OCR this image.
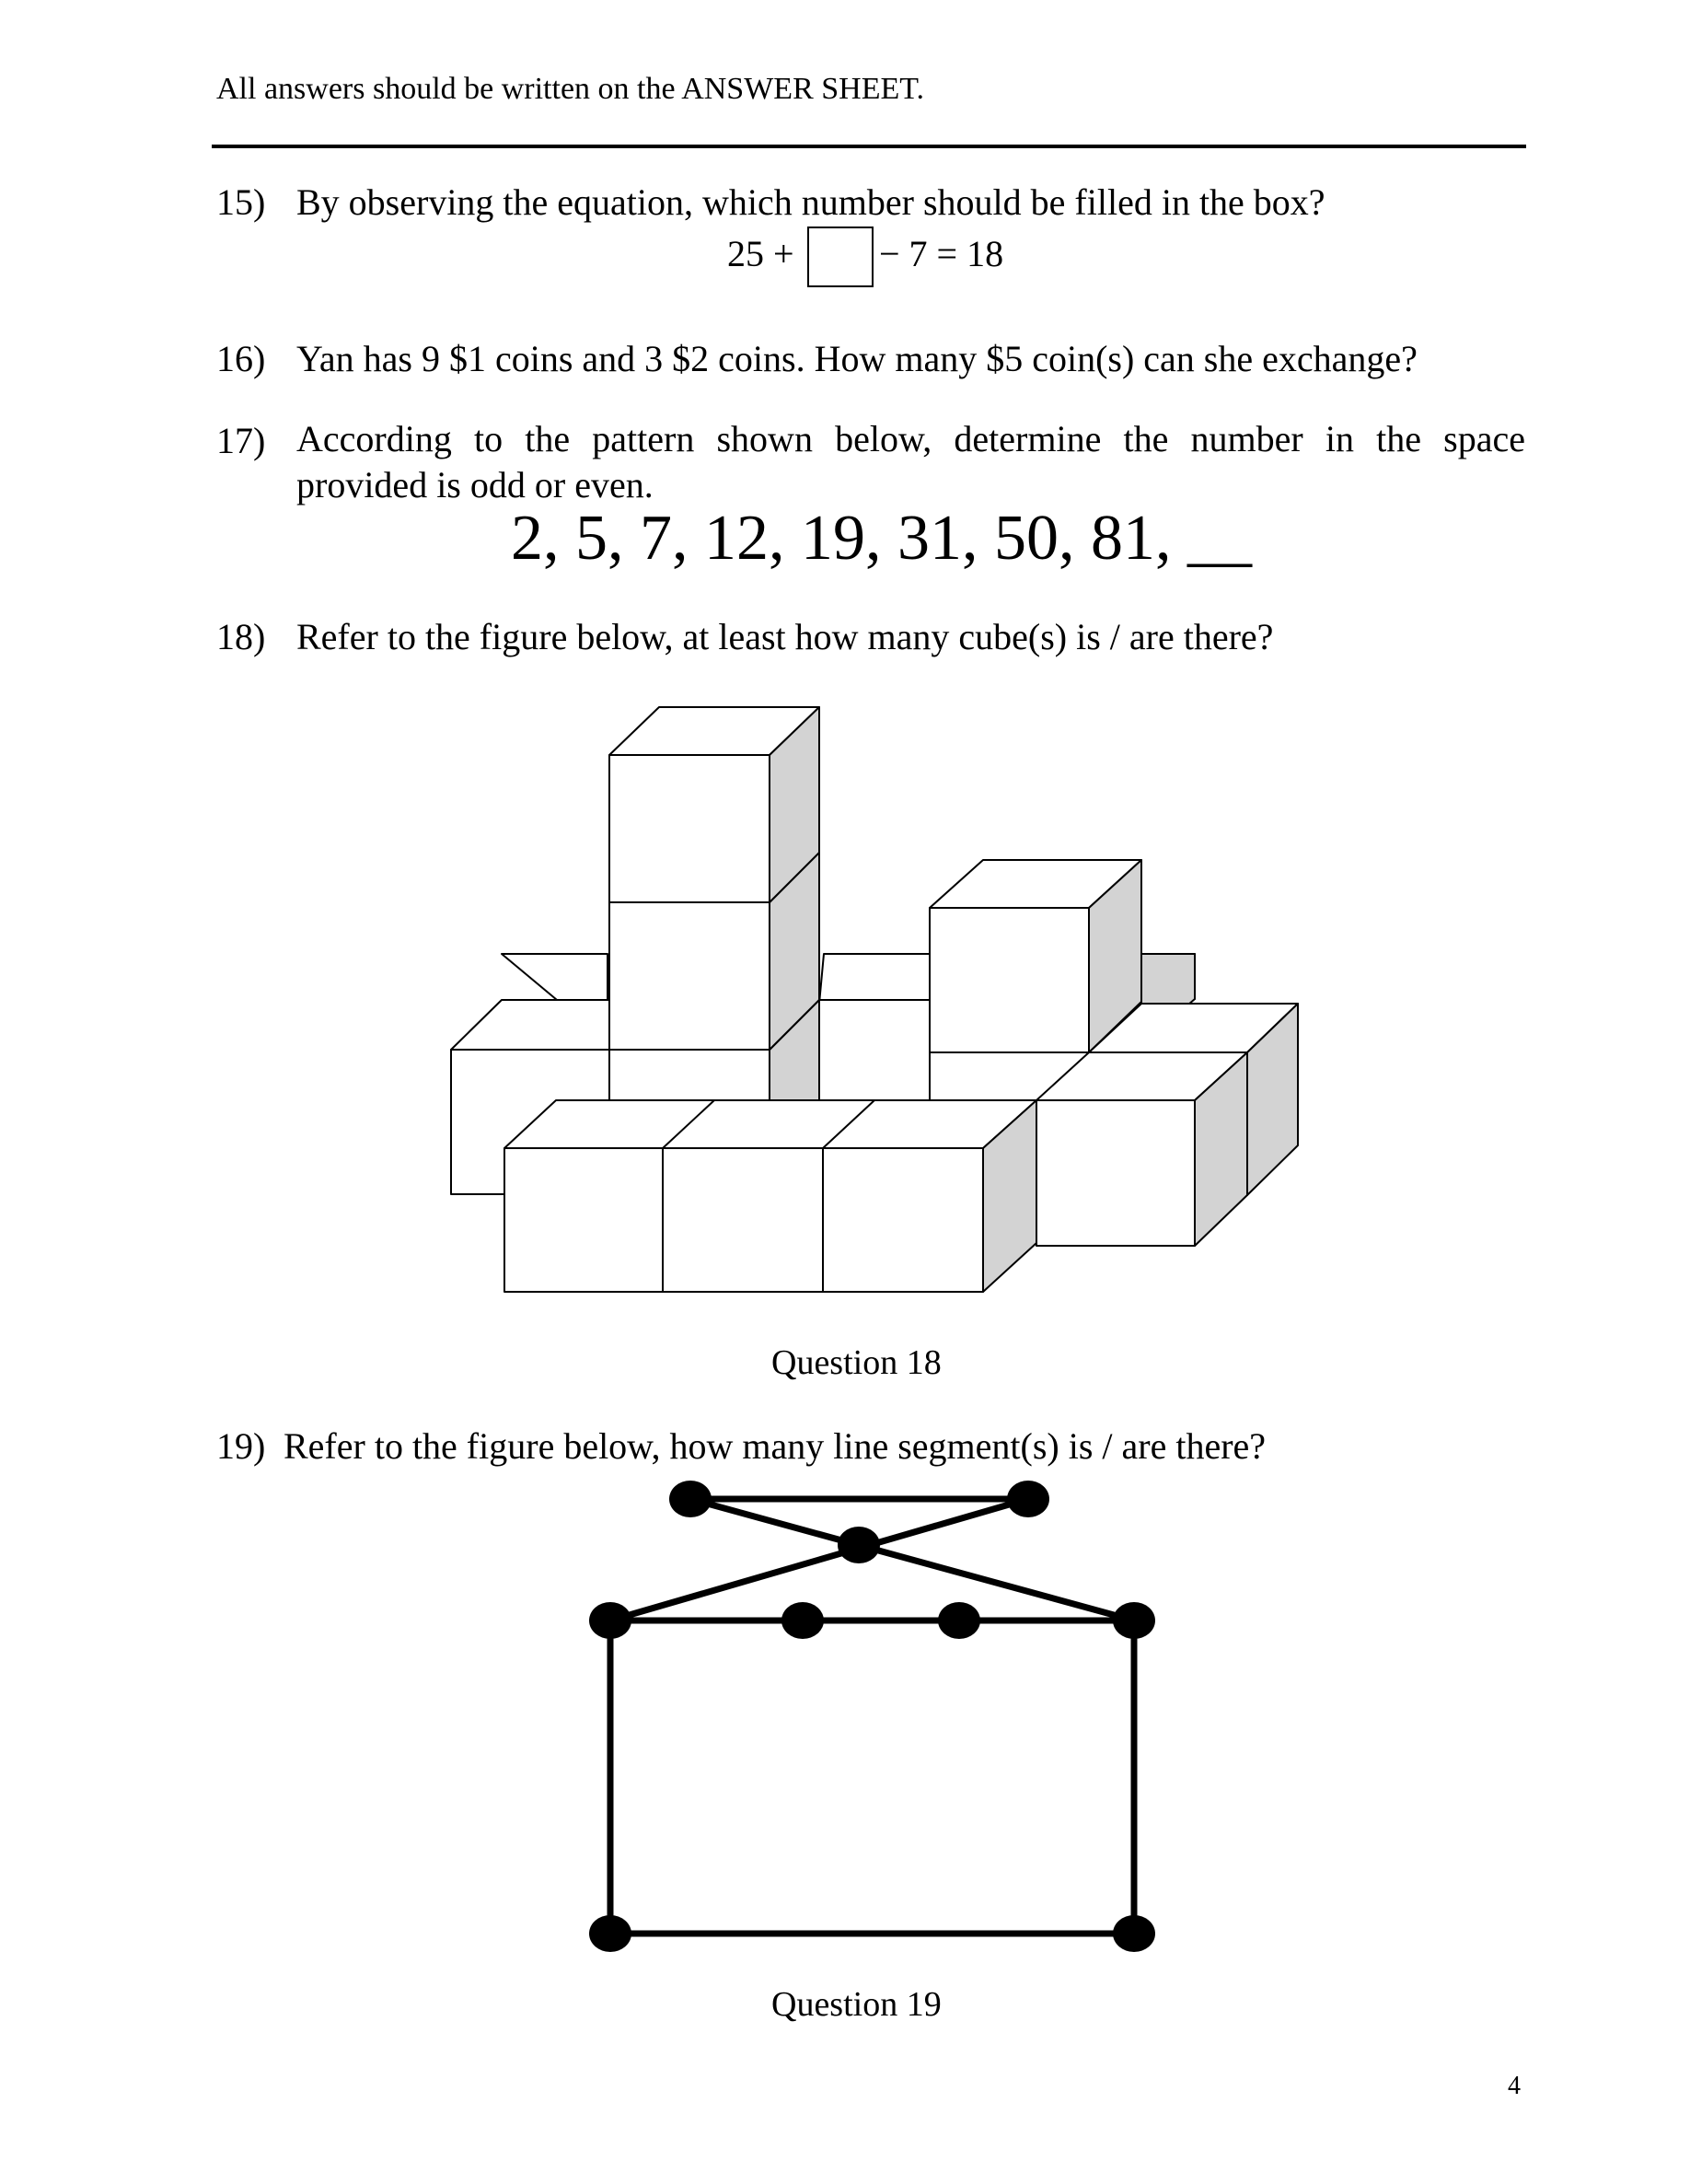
All answers should be written on the ANSWER SHEET.
15) By observing the equation, which number should be filled in the box?
25 + − 7 = 18
16) Yan has 9 $1 coins and 3 $2 coins. How many $5 coin(s) can she exchange?
17) According to the pattern shown below, determine the number in the space
provided is odd or even.
2, 5, 7, 12, 19, 31, 50, 81, __
18) Refer to the figure below, at least how many cube(s) is / are there?
Question 18
19) Refer to the figure below, how many line segment(s) is / are there?
Question 19
4
